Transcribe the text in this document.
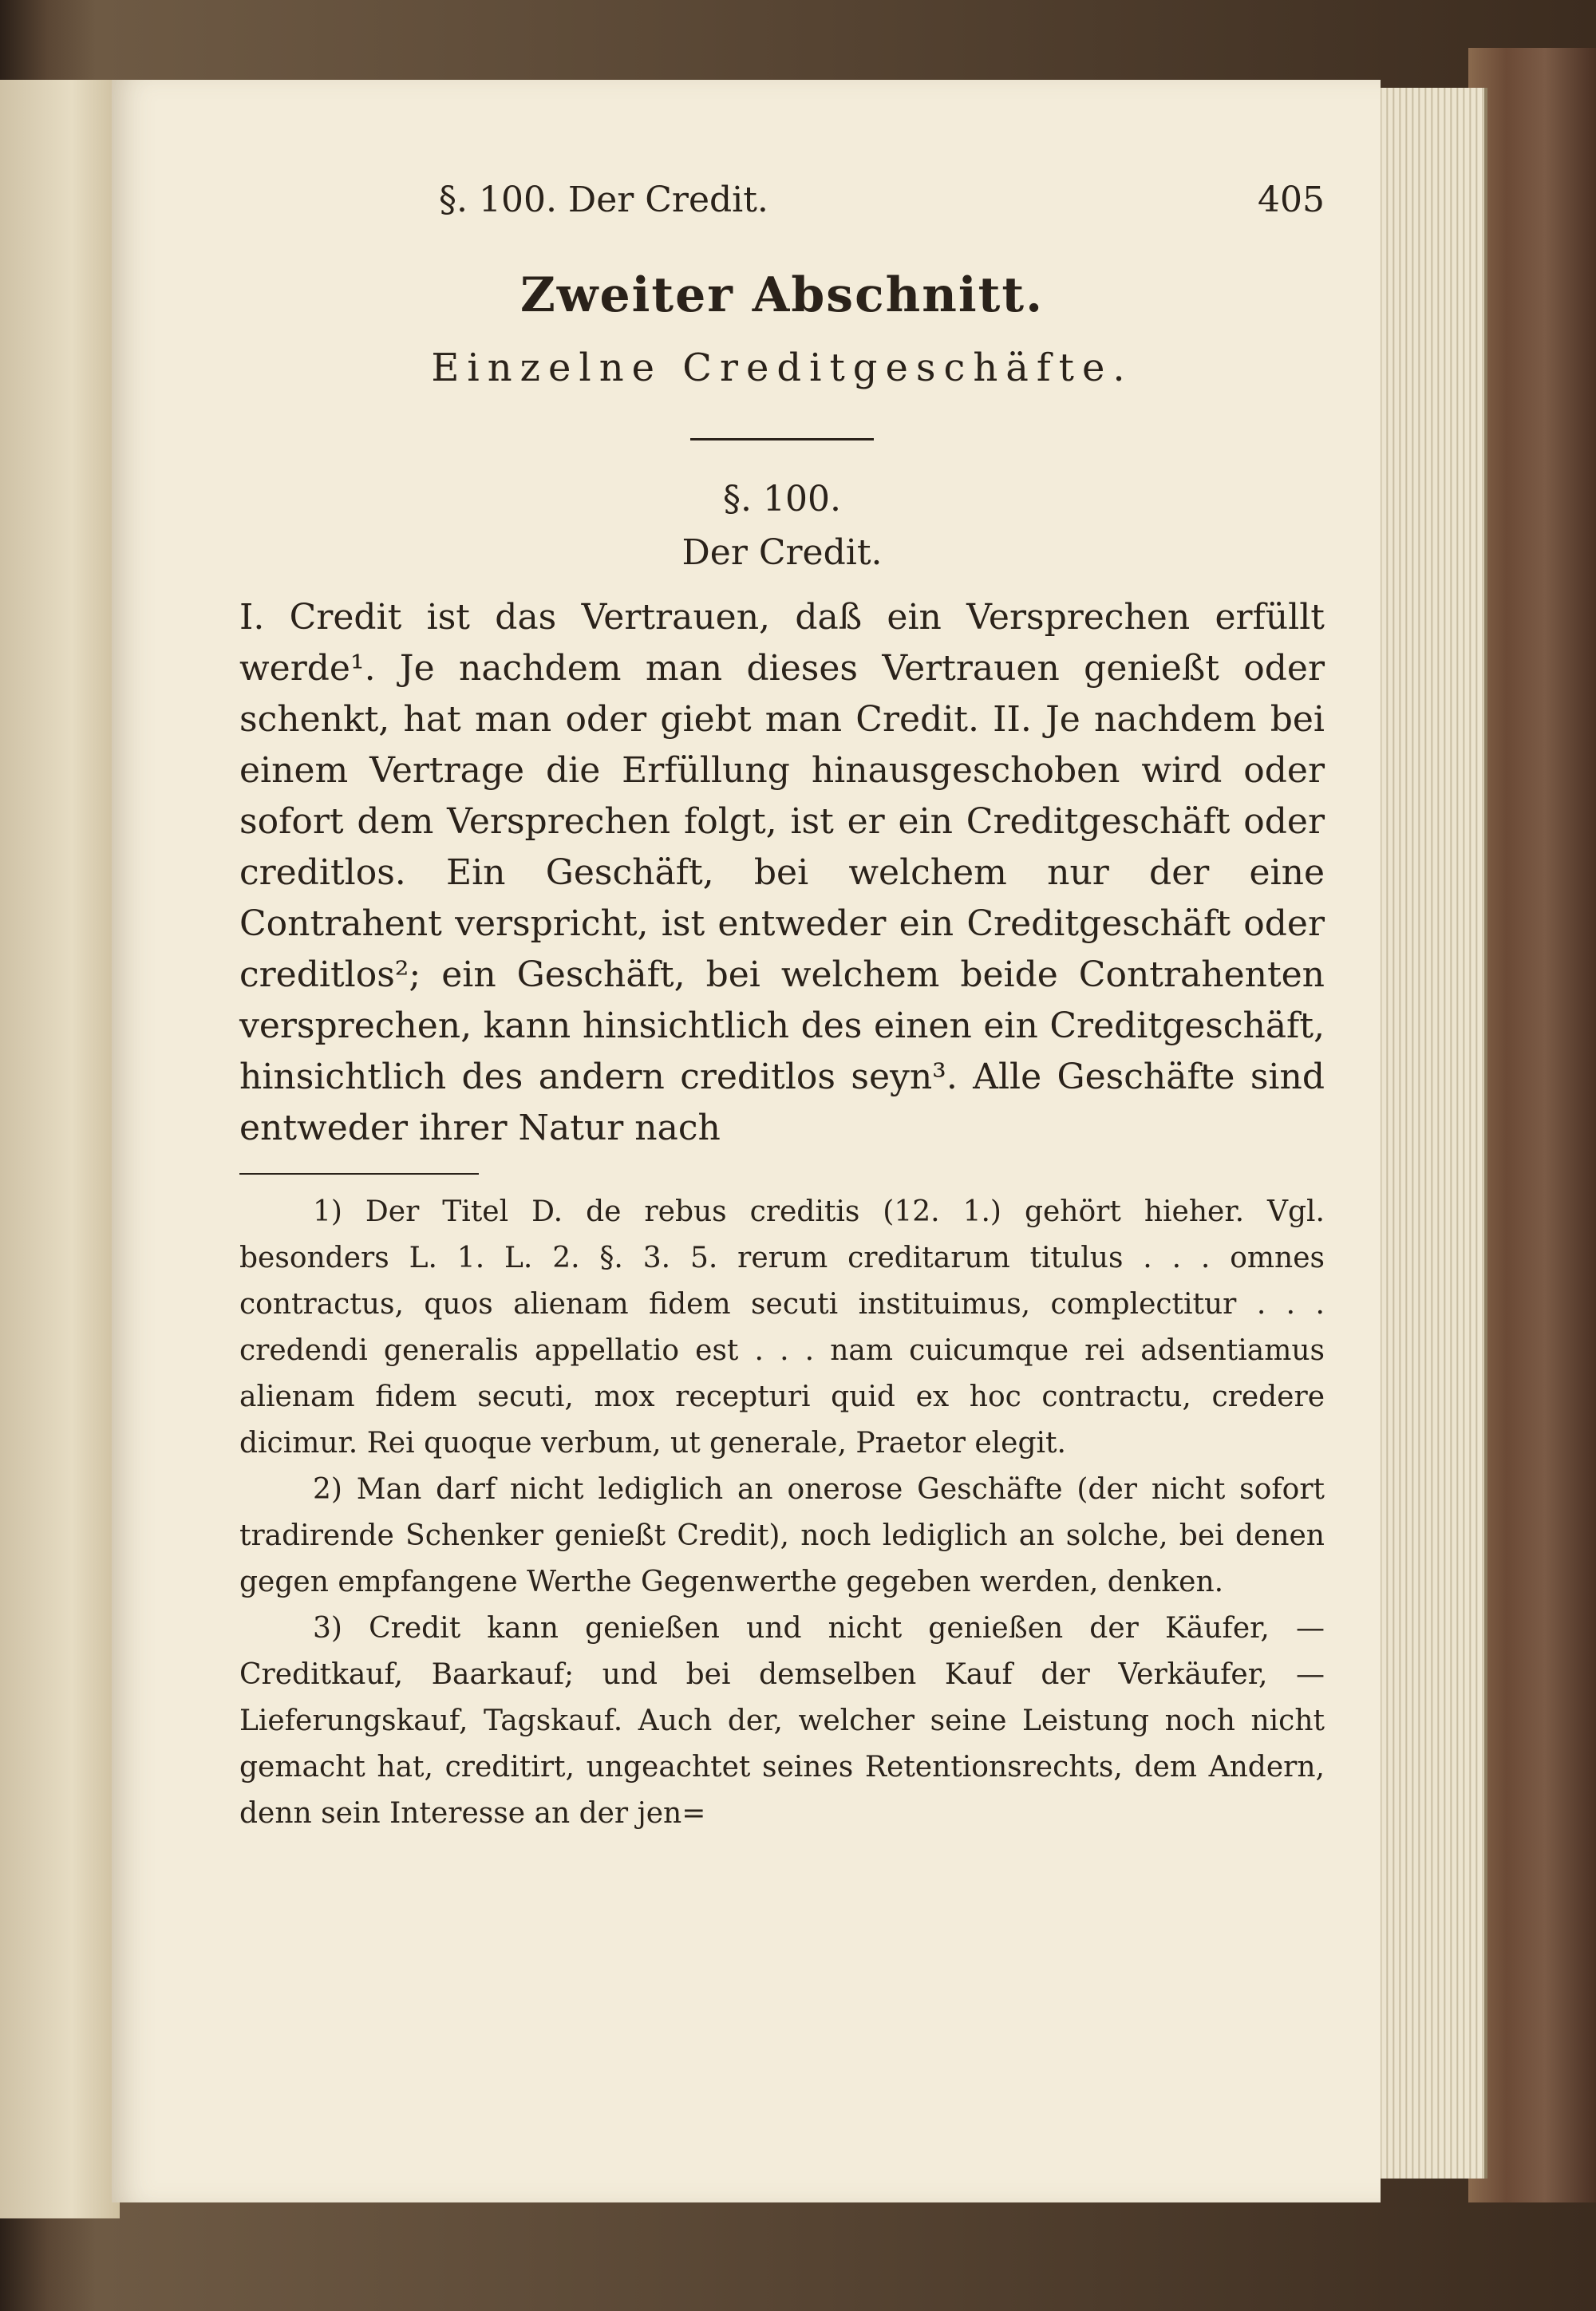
§. 100. Der Credit.	405
Zweiter Abschnitt.
Einzelne Creditgeschäfte.
§. 100.
Der Credit.

I. Credit ist das Vertrauen, daß ein Versprechen erfüllt werde¹. Je nachdem man dieses Vertrauen genießt oder schenkt, hat man oder giebt man Credit. II. Je nachdem bei einem Vertrage die Erfüllung hinausgeschoben wird oder sofort dem Versprechen folgt, ist er ein Creditgeschäft oder creditlos. Ein Geschäft, bei welchem nur der eine Contrahent verspricht, ist entweder ein Creditgeschäft oder creditlos²; ein Geschäft, bei welchem beide Contrahenten versprechen, kann hinsichtlich des einen ein Creditgeschäft, hinsichtlich des andern creditlos seyn³. Alle Geschäfte sind entweder ihrer Natur nach

1) Der Titel D. de rebus creditis (12. 1.) gehört hieher. Vgl. besonders L. 1. L. 2. §. 3. 5. rerum creditarum titulus . . . omnes contractus, quos alienam fidem secuti instituimus, complectitur . . . credendi generalis appellatio est . . . nam cuicumque rei adsentiamus alienam fidem secuti, mox recepturi quid ex hoc contractu, credere dicimur. Rei quoque verbum, ut generale, Praetor elegit.

2) Man darf nicht lediglich an onerose Geschäfte (der nicht sofort tradirende Schenker genießt Credit), noch lediglich an solche, bei denen gegen empfangene Werthe Gegenwerthe gegeben werden, denken.

3) Credit kann genießen und nicht genießen der Käufer, — Creditkauf, Baarkauf; und bei demselben Kauf der Verkäufer, — Lieferungskauf, Tagskauf. Auch der, welcher seine Leistung noch nicht gemacht hat, creditirt, ungeachtet seines Retentionsrechts, dem Andern, denn sein Interesse an der jen=
